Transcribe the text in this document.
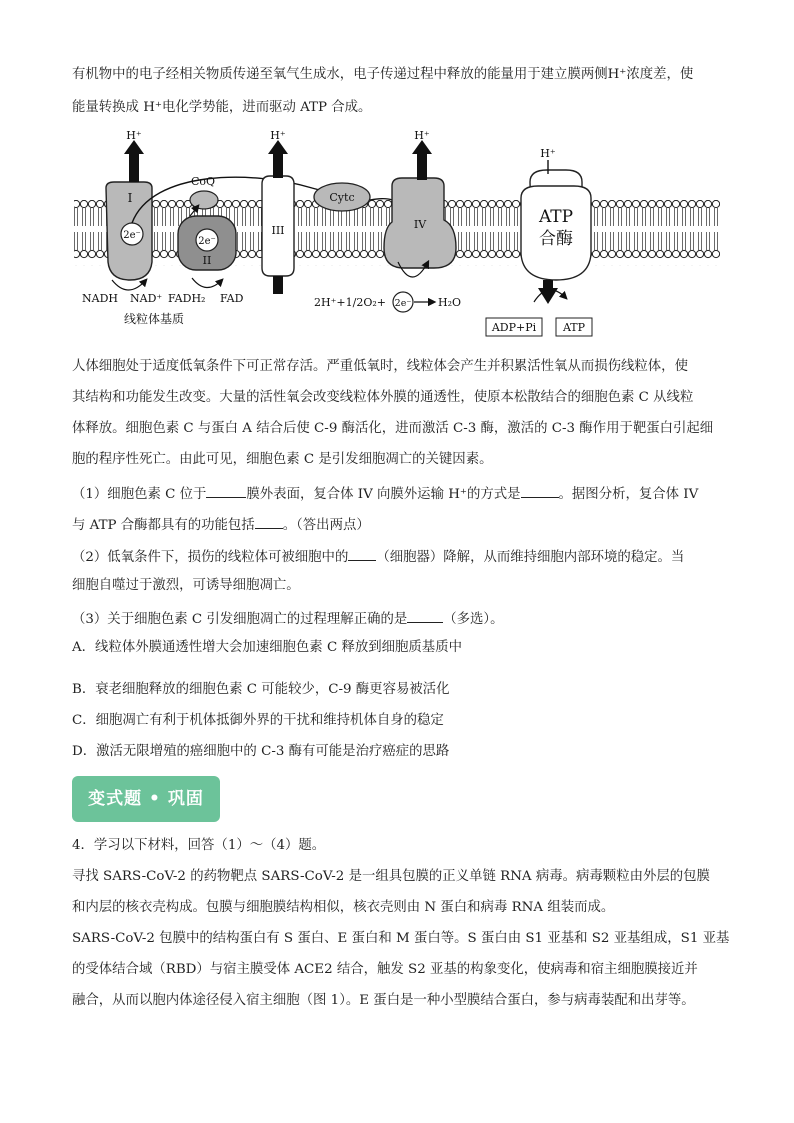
有机物中的电子经相关物质传递至氧气生成水，电子传递过程中释放的能量用于建立膜两侧H⁺浓度差，使
能量转换成 H⁺电化学势能，进而驱动 ATP 合成。
I
2e⁻
H⁺
CoQ
2e⁻
II
III
H⁺
Cytc
IV
H⁺
2H⁺+1/2O₂+ 2e⁻ H₂O
ATP
合酶
H⁺
NADH NAD⁺ FADH₂ FAD
线粒体基质
ADP+Pi ATP
人体细胞处于适度低氧条件下可正常存活。严重低氧时，线粒体会产生并积累活性氧从而损伤线粒体，使
其结构和功能发生改变。大量的活性氧会改变线粒体外膜的通透性，使原本松散结合的细胞色素 C 从线粒
体释放。细胞色素 C 与蛋白 A 结合后使 C-9 酶活化，进而激活 C-3 酶，激活的 C-3 酶作用于靶蛋白引起细
胞的程序性死亡。由此可见，细胞色素 C 是引发细胞凋亡的关键因素。
（1）细胞色素 C 位于	膜外表面，复合体 IV 向膜外运输 H⁺的方式是	。据图分析，复合体 IV
与 ATP 合酶都具有的功能包括 。（答出两点）
（2）低氧条件下，损伤的线粒体可被细胞中的 （细胞器）降解，从而维持细胞内部环境的稳定。当
细胞自噬过于激烈，可诱导细胞凋亡。
（3）关于细胞色素 C 引发细胞凋亡的过程理解正确的是	（多选）。
A．线粒体外膜通透性增大会加速细胞色素 C 释放到细胞质基质中
B．衰老细胞释放的细胞色素 C 可能较少，C-9 酶更容易被活化
C．细胞凋亡有利于机体抵御外界的干扰和维持机体自身的稳定
D．激活无限增殖的癌细胞中的 C-3 酶有可能是治疗癌症的思路
变式题 • 巩固
4．学习以下材料，回答（1）～（4）题。
寻找 SARS-CoV-2 的药物靶点 SARS-CoV-2 是一组具包膜的正义单链 RNA 病毒。病毒颗粒由外层的包膜
和内层的核衣壳构成。包膜与细胞膜结构相似，核衣壳则由 N 蛋白和病毒 RNA 组装而成。
SARS-CoV-2 包膜中的结构蛋白有 S 蛋白、E 蛋白和 M 蛋白等。S 蛋白由 S1 亚基和 S2 亚基组成，S1 亚基
的受体结合域（RBD）与宿主膜受体 ACE2 结合，触发 S2 亚基的构象变化，使病毒和宿主细胞膜接近并
融合，从而以胞内体途径侵入宿主细胞（图 1）。E 蛋白是一种小型膜结合蛋白，参与病毒装配和出芽等。
